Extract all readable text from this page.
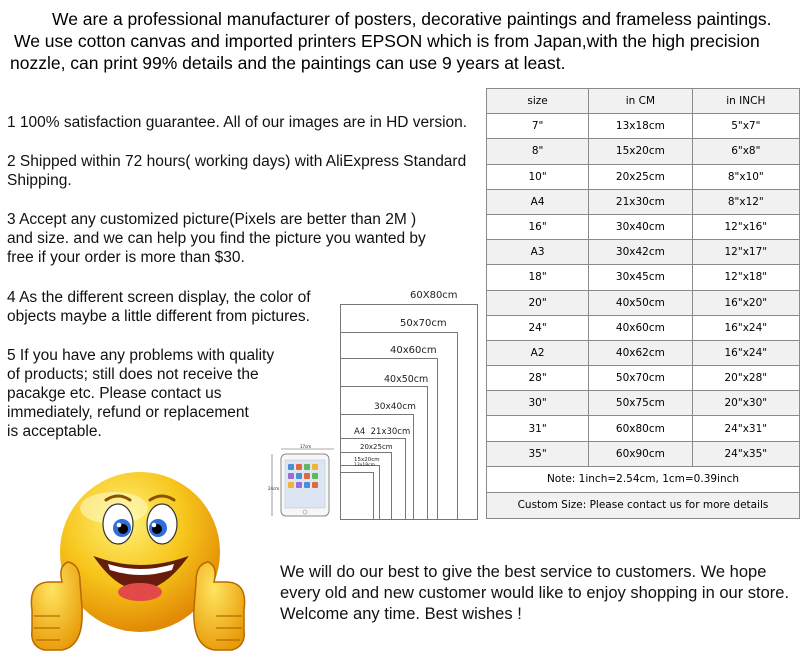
We are a professional manufacturer of posters, decorative paintings and frameless paintings.
We use cotton canvas and imported printers EPSON which is from Japan,with the high precision
nozzle, can print 99% details and the paintings can use 9 years at least.
1 100% satisfaction guarantee. All of our images are in HD version.
2 Shipped within 72 hours( working days) with AliExpress Standard
Shipping.
3 Accept any customized picture(Pixels are better than 2M )
and size. and we can help you find the picture you wanted by
free if your order is more than $30.
4 As the different screen display, the color of
objects maybe a little different from pictures.
5 If you have any problems with quality
of products; still does not receive the
pacakge etc. Please contact us
immediately, refund or replacement
is acceptable.
size	in CM	in INCH
7"	13x18cm	5"x7"
8"	15x20cm	6"x8"
10"	20x25cm	8"x10"
A4	21x30cm	8"x12"
16"	30x40cm	12"x16"
A3	30x42cm	12"x17"
18"	30x45cm	12"x18"
20"	40x50cm	16"x20"
24"	40x60cm	16"x24"
A2	40x62cm	16"x24"
28"	50x70cm	20"x28"
30"	50x75cm	20"x30"
31"	60x80cm	24"x31"
35"	60x90cm	24"x35"
Note: 1inch=2.54cm, 1cm=0.39inch		
Custom Size: Please contact us for more details		
60X80cm
50x70cm
40x60cm
40x50cm
30x40cm
A4  21x30cm
20x25cm
15x20cm
13x18cm
17cm
24cm
We will do our best to give the best service to customers. We hope every old and new customer would like to enjoy shopping in our store. Welcome any time. Best wishes !
